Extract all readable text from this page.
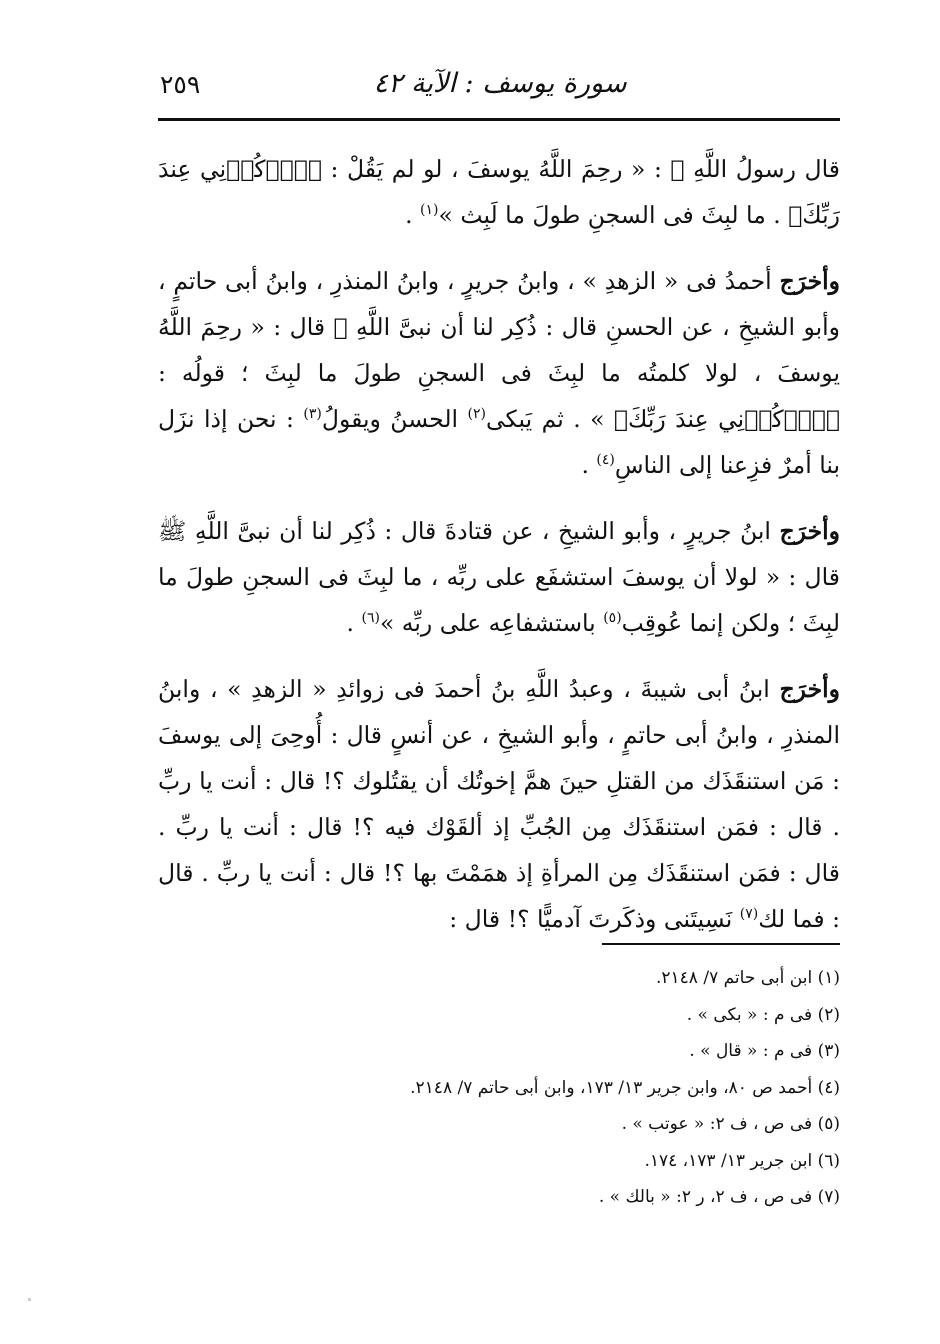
٢٥٩	سورة يوسف : الآية ٤٢

قال رسولُ اللَّهِ ﷺ : « رحِمَ اللَّهُ يوسفَ ، لو لم يَقُلْ : ﴿ٱذۡكُرۡنِي عِندَ رَبِّكَ﴾ . ما لبِثَ فى السجنِ طولَ ما لَبِث »$^{(١)}$ .

وأخرَج أحمدُ فى « الزهدِ » ، وابنُ جريرٍ ، وابنُ المنذرِ ، وابنُ أبى حاتمٍ ، وأبو الشيخِ ، عن الحسنِ قال : ذُكِر لنا أن نبىَّ اللَّهِ ﷺ قال : « رحِمَ اللَّهُ يوسفَ ، لولا كلمتُه ما لبِثَ فى السجنِ طولَ ما لبِثَ ؛ قولُه : ﴿ٱذۡكُرۡنِي عِندَ رَبِّكَ﴾ » . ثم يَبكى$^{(٢)}$ الحسنُ ويقولُ$^{(٣)}$ : نحن إذا نزَل بنا أمرٌ فزِعنا إلى الناسِ$^{(٤)}$ .

وأخرَج ابنُ جريرٍ ، وأبو الشيخِ ، عن قتادةَ قال : ذُكِر لنا أن نبىَّ اللَّهِ ﷺ قال : « لولا أن يوسفَ استشفَع على ربِّه ، ما لبِثَ فى السجنِ طولَ ما لبِثَ ؛ ولكن إنما عُوقِب$^{(٥)}$ باستشفاعِه على ربِّه »$^{(٦)}$ .

وأخرَج ابنُ أبى شيبةَ ، وعبدُ اللَّهِ بنُ أحمدَ فى زوائدِ « الزهدِ » ، وابنُ المنذرِ ، وابنُ أبى حاتمٍ ، وأبو الشيخِ ، عن أنسٍ قال : أُوحِىَ إلى يوسفَ : مَن استنقَذَك من القتلِ حينَ همَّ إخوتُك أن يقتُلوك ؟! قال : أنت يا ربِّ . قال : فمَن استنقَذَك مِن الجُبِّ إذ ألقَوْك فيه ؟! قال : أنت يا ربِّ . قال : فمَن استنقَذَك مِن المرأةِ إذ همَمْتَ بها ؟! قال : أنت يا ربِّ . قال : فما لك$^{(٧)}$ نَسِيتَنى وذكَرتَ آدميًّا ؟! قال :

(١) ابن أبى حاتم ٧/ ٢١٤٨.

(٢) فى م : « بكى » .

(٣) فى م : « قال » .

(٤) أحمد ص ٨٠، وابن جرير ١٣/ ١٧٣، وابن أبى حاتم ٧/ ٢١٤٨.

(٥) فى ص ، ف ٢: « عوتب » .

(٦) ابن جرير ١٣/ ١٧٣، ١٧٤.

(٧) فى ص ، ف ٢، ر ٢: « بالك » .
